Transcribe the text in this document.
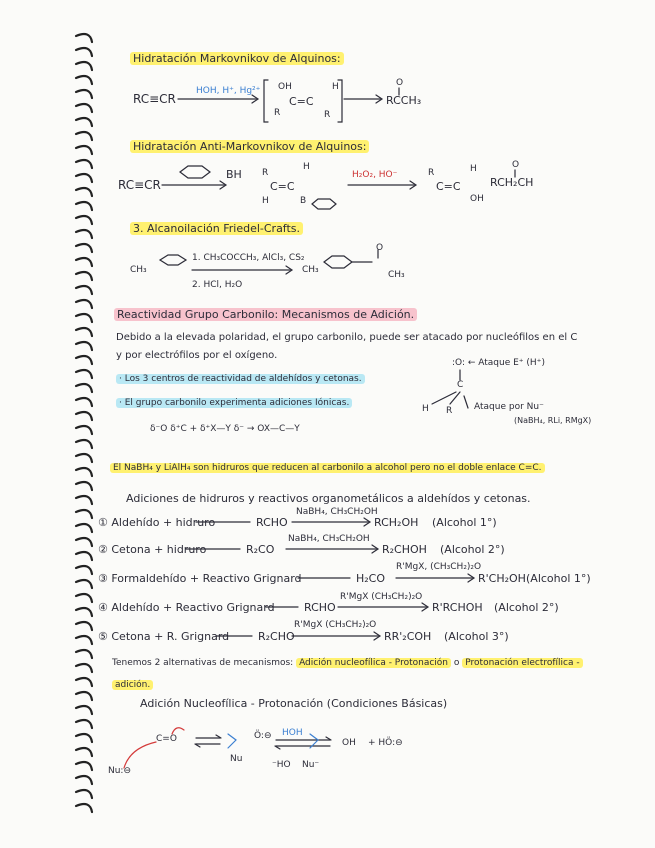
Hidratación Markovnikov de Alquinos:
RC≡CR
HOH, H⁺, Hg²⁺ OH	H
C=C
R	R
O
RCCH₃
Hidratación Anti-Markovnikov de Alquinos:
RC≡CR
BH R
H
C=C
B
H
H₂O₂, HO⁻	R	H
C=C
OH
O
RCH₂CH
3. Alcanoilación Friedel-Crafts.
CH₃
1. CH₃COCCH₃, AlCl₃, CS₂
2. HCl, H₂O
CH₃
O
CH₃
Reactividad Grupo Carbonilo: Mecanismos de Adición.
Debido a la elevada polaridad, el grupo carbonilo, puede ser atacado por nucleófilos en el C
y por electrófilos por el oxígeno.
· Los 3 centros de reactividad de aldehídos y cetonas.
· El grupo carbonilo experimenta adiciones Iónicas.
δ⁻O δ⁺C + δ⁺X—Y δ⁻ → OX—C—Y
:O: ← Ataque E⁺ (H⁺)
C
H R Ataque por Nu⁻
(NaBH₄, RLi, RMgX)
El NaBH₄ y LiAlH₄ son hidruros que reducen al carbonilo a alcohol pero no el doble enlace C=C.
Adiciones de hidruros y reactivos organometálicos a aldehídos y cetonas.
① Aldehído + hidruro	RCHO
NaBH₄, CH₃CH₂OH
RCH₂OH (Alcohol 1°)
② Cetona + hidruro	R₂CO
NaBH₄, CH₃CH₂OH
R₂CHOH (Alcohol 2°)
③ Formaldehído + Reactivo Grignard	H₂CO
R'MgX, (CH₃CH₂)₂O
R'CH₂OH (Alcohol 1°)
④ Aldehído + Reactivo Grignard	RCHO
R'MgX (CH₃CH₂)₂O
R'RCHOH (Alcohol 2°)
⑤ Cetona + R. Grignard	R₂CHO
R'MgX (CH₃CH₂)₂O
RR'₂COH (Alcohol 3°)
Tenemos 2 alternativas de mecanismos: Adición nucleofílica - Protonación o Protonación electrofílica -
adición.
Adición Nucleofílica - Protonación (Condiciones Básicas)
C=O
Nu:⊖
Ö:⊖
Nu
HOH
⁻HO Nu⁻
OH + HÖ:⊖
